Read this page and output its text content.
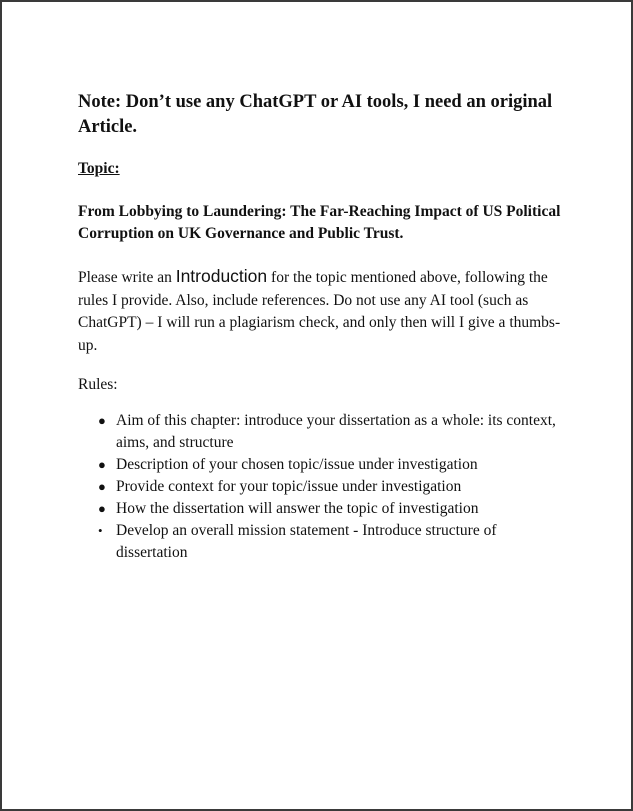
Note: Don’t use any ChatGPT or AI tools, I need an original Article.
Topic:
From Lobbying to Laundering: The Far-Reaching Impact of US Political Corruption on UK Governance and Public Trust.
Please write an Introduction for the topic mentioned above, following the rules I provide. Also, include references. Do not use any AI tool (such as ChatGPT) – I will run a plagiarism check, and only then will I give a thumbs-up.
Rules:
● Aim of this chapter: introduce your dissertation as a whole: its context, aims, and structure
● Description of your chosen topic/issue under investigation
● Provide context for your topic/issue under investigation
● How the dissertation will answer the topic of investigation
• Develop an overall mission statement - Introduce structure of dissertation
